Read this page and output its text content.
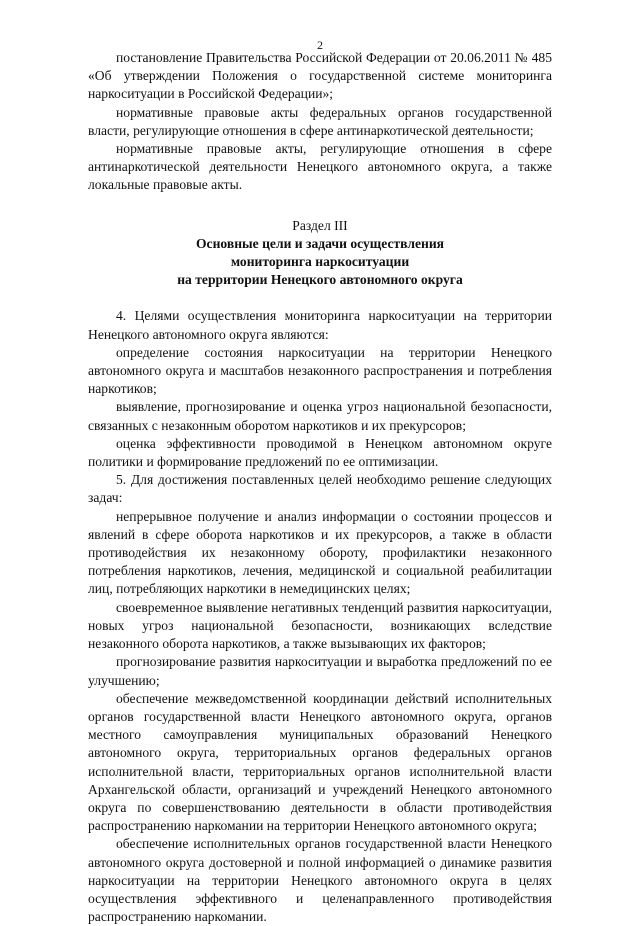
2

постановление Правительства Российской Федерации от 20.06.2011 № 485 «Об утверждении Положения о государственной системе мониторинга наркоситуации в Российской Федерации»;

нормативные правовые акты федеральных органов государственной власти, регулирующие отношения в сфере антинаркотической деятельности;

нормативные правовые акты, регулирующие отношения в сфере антинаркотической деятельности Ненецкого автономного округа, а также локальные правовые акты.

Раздел III
Основные цели и задачи осуществления
мониторинга наркоситуации
на территории Ненецкого автономного округа

4. Целями осуществления мониторинга наркоситуации на территории Ненецкого автономного округа являются:

определение состояния наркоситуации на территории Ненецкого автономного округа и масштабов незаконного распространения и потребления наркотиков;

выявление, прогнозирование и оценка угроз национальной безопасности, связанных с незаконным оборотом наркотиков и их прекурсоров;

оценка эффективности проводимой в Ненецком автономном округе политики и формирование предложений по ее оптимизации.

5. Для достижения поставленных целей необходимо решение следующих задач:

непрерывное получение и анализ информации о состоянии процессов и явлений в сфере оборота наркотиков и их прекурсоров, а также в области противодействия их незаконному обороту, профилактики незаконного потребления наркотиков, лечения, медицинской и социальной реабилитации лиц, потребляющих наркотики в немедицинских целях;

своевременное выявление негативных тенденций развития наркоситуации, новых угроз национальной безопасности, возникающих вследствие незаконного оборота наркотиков, а также вызывающих их факторов;

прогнозирование развития наркоситуации и выработка предложений по ее улучшению;

обеспечение межведомственной координации действий исполнительных органов государственной власти Ненецкого автономного округа, органов местного самоуправления муниципальных образований Ненецкого автономного округа, территориальных органов федеральных органов исполнительной власти, территориальных органов исполнительной власти Архангельской области, организаций и учреждений Ненецкого автономного округа по совершенствованию деятельности в области противодействия распространению наркомании на территории Ненецкого автономного округа;

обеспечение исполнительных органов государственной власти Ненецкого автономного округа достоверной и полной информацией о динамике развития наркоситуации на территории Ненецкого автономного округа в целях осуществления эффективного и целенаправленного противодействия распространению наркомании.
